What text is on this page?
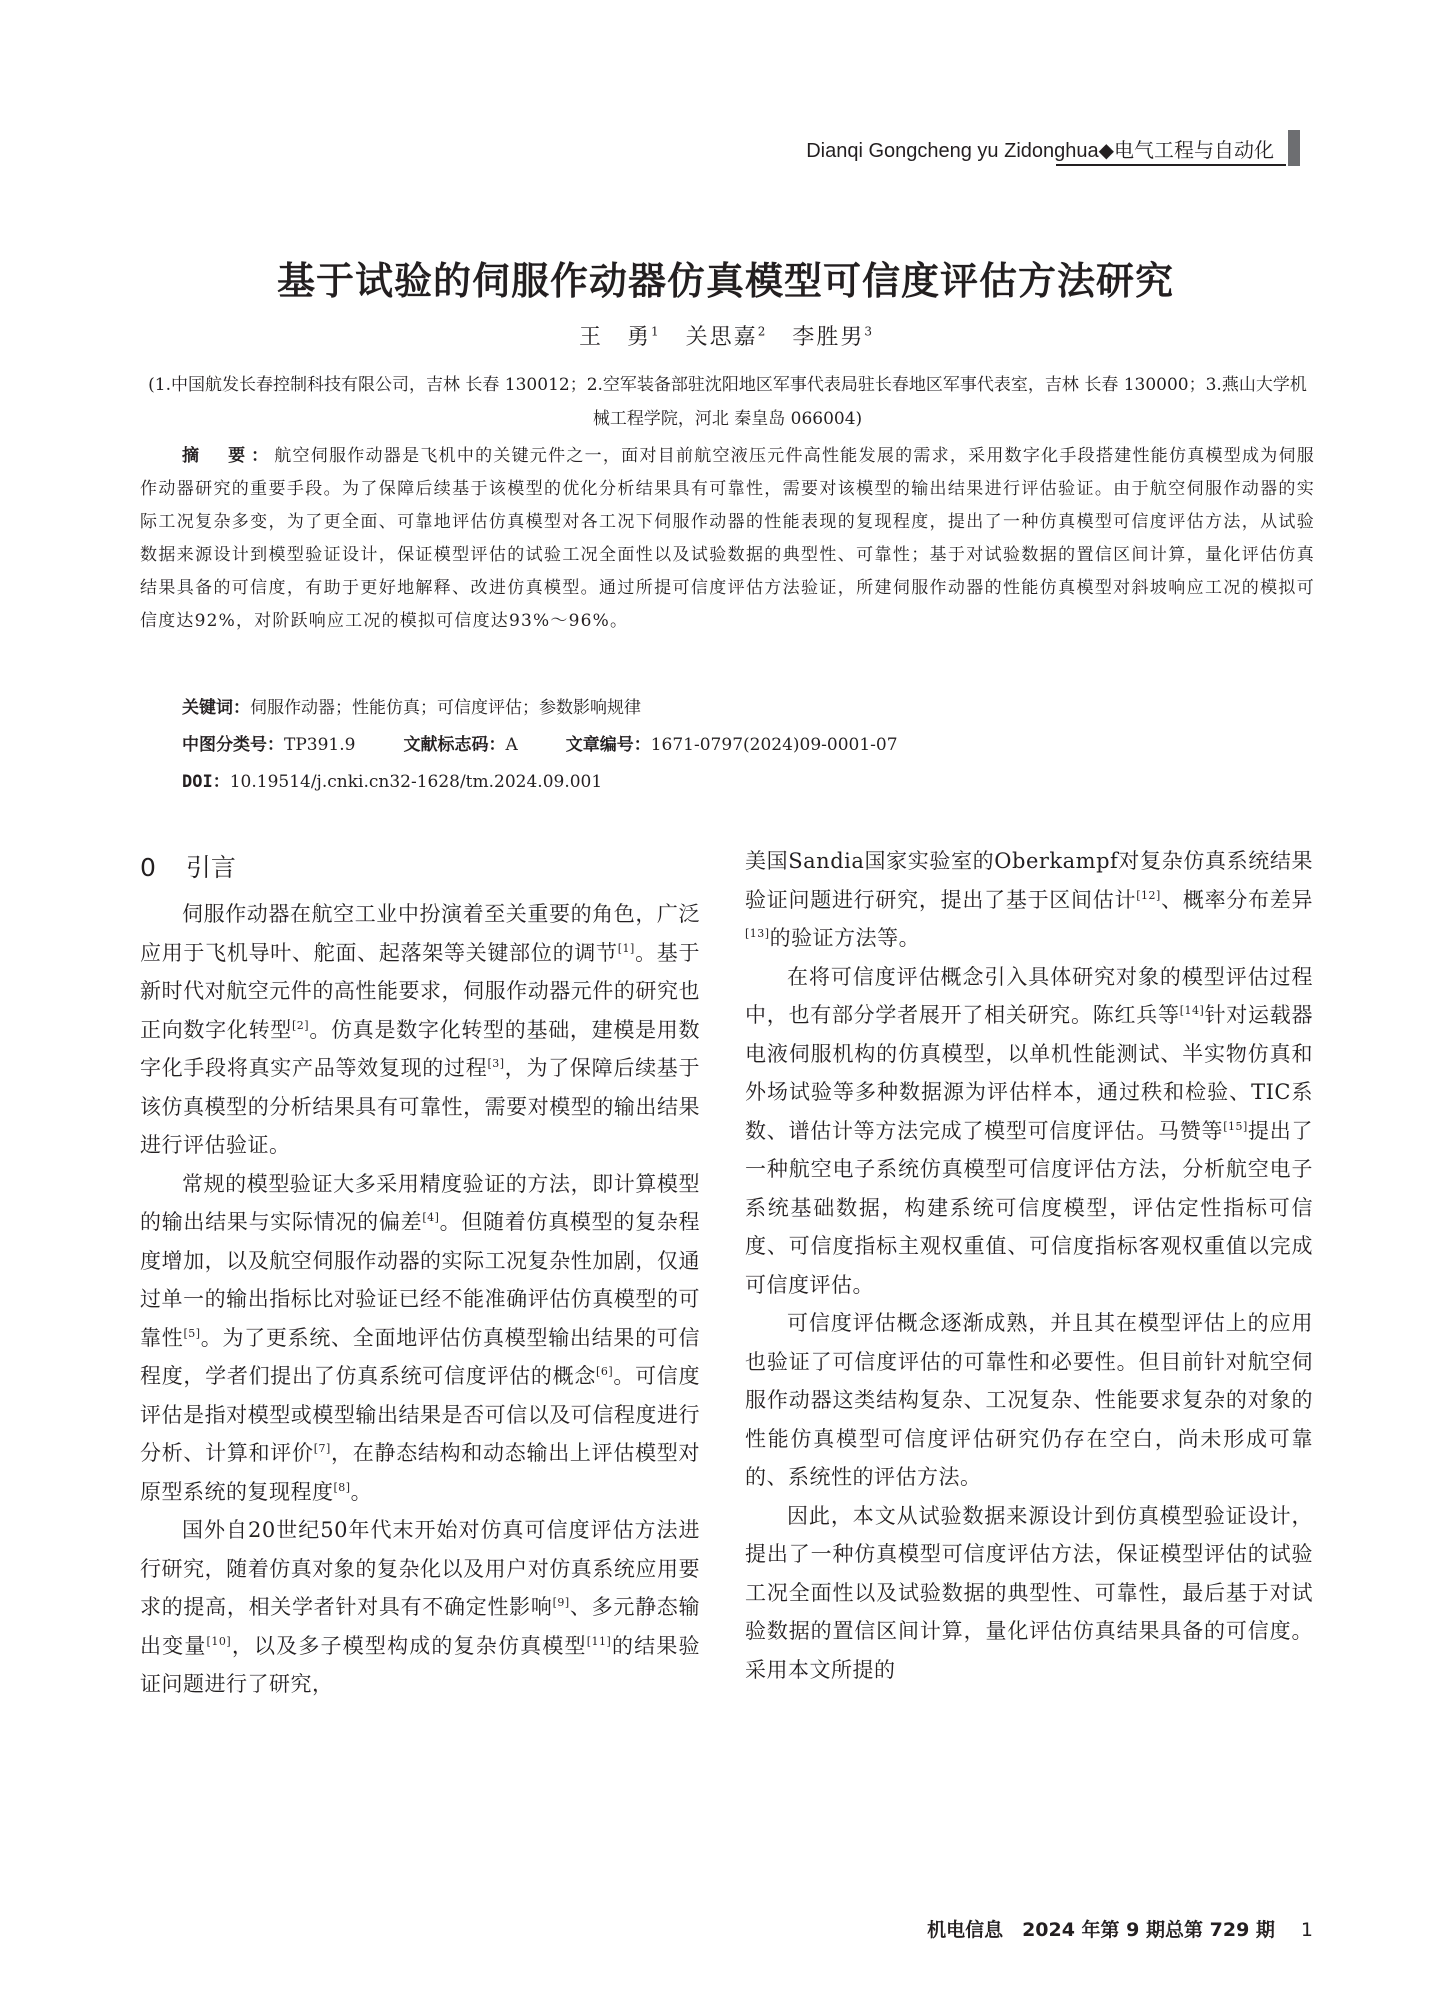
Dianqi Gongcheng yu Zidonghua◆电气工程与自动化
基于试验的伺服作动器仿真模型可信度评估方法研究
王　勇$^1$ 关思嘉$^2$ 李胜男$^3$
(1.中国航发长春控制科技有限公司，吉林 长春 130012；2.空军装备部驻沈阳地区军事代表局驻长春地区军事代表室，吉林 长春 130000；3.燕山大学机械工程学院，河北 秦皇岛 066004)
摘　要：航空伺服作动器是飞机中的关键元件之一，面对目前航空液压元件高性能发展的需求，采用数字化手段搭建性能仿真模型成为伺服作动器研究的重要手段。为了保障后续基于该模型的优化分析结果具有可靠性，需要对该模型的输出结果进行评估验证。由于航空伺服作动器的实际工况复杂多变，为了更全面、可靠地评估仿真模型对各工况下伺服作动器的性能表现的复现程度，提出了一种仿真模型可信度评估方法，从试验数据来源设计到模型验证设计，保证模型评估的试验工况全面性以及试验数据的典型性、可靠性；基于对试验数据的置信区间计算，量化评估仿真结果具备的可信度，有助于更好地解释、改进仿真模型。通过所提可信度评估方法验证，所建伺服作动器的性能仿真模型对斜坡响应工况的模拟可信度达92%，对阶跃响应工况的模拟可信度达93%～96%。
关键词：伺服作动器；性能仿真；可信度评估；参数影响规律
中图分类号：TP391.9	文献标志码：A	文章编号：1671-0797(2024)09-0001-07
DOI：10.19514/j.cnki.cn32-1628/tm.2024.09.001
0 引言

伺服作动器在航空工业中扮演着至关重要的角色，广泛应用于飞机导叶、舵面、起落架等关键部位的调节[1]。基于新时代对航空元件的高性能要求，伺服作动器元件的研究也正向数字化转型[2]。仿真是数字化转型的基础，建模是用数字化手段将真实产品等效复现的过程[3]，为了保障后续基于该仿真模型的分析结果具有可靠性，需要对模型的输出结果进行评估验证。

常规的模型验证大多采用精度验证的方法，即计算模型的输出结果与实际情况的偏差[4]。但随着仿真模型的复杂程度增加，以及航空伺服作动器的实际工况复杂性加剧，仅通过单一的输出指标比对验证已经不能准确评估仿真模型的可靠性[5]。为了更系统、全面地评估仿真模型输出结果的可信程度，学者们提出了仿真系统可信度评估的概念[6]。可信度评估是指对模型或模型输出结果是否可信以及可信程度进行分析、计算和评价[7]，在静态结构和动态输出上评估模型对原型系统的复现程度[8]。

国外自20世纪50年代末开始对仿真可信度评估方法进行研究，随着仿真对象的复杂化以及用户对仿真系统应用要求的提高，相关学者针对具有不确定性影响[9]、多元静态输出变量[10]，以及多子模型构成的复杂仿真模型[11]的结果验证问题进行了研究，

美国Sandia国家实验室的Oberkampf对复杂仿真系统结果验证问题进行研究，提出了基于区间估计[12]、概率分布差异[13]的验证方法等。

在将可信度评估概念引入具体研究对象的模型评估过程中，也有部分学者展开了相关研究。陈红兵等[14]针对运载器电液伺服机构的仿真模型，以单机性能测试、半实物仿真和外场试验等多种数据源为评估样本，通过秩和检验、TIC系数、谱估计等方法完成了模型可信度评估。马赞等[15]提出了一种航空电子系统仿真模型可信度评估方法，分析航空电子系统基础数据，构建系统可信度模型，评估定性指标可信度、可信度指标主观权重值、可信度指标客观权重值以完成可信度评估。

可信度评估概念逐渐成熟，并且其在模型评估上的应用也验证了可信度评估的可靠性和必要性。但目前针对航空伺服作动器这类结构复杂、工况复杂、性能要求复杂的对象的性能仿真模型可信度评估研究仍存在空白，尚未形成可靠的、系统性的评估方法。

因此，本文从试验数据来源设计到仿真模型验证设计，提出了一种仿真模型可信度评估方法，保证模型评估的试验工况全面性以及试验数据的典型性、可靠性，最后基于对试验数据的置信区间计算，量化评估仿真结果具备的可信度。采用本文所提的

机电信息　2024 年第 9 期总第 729 期 1
